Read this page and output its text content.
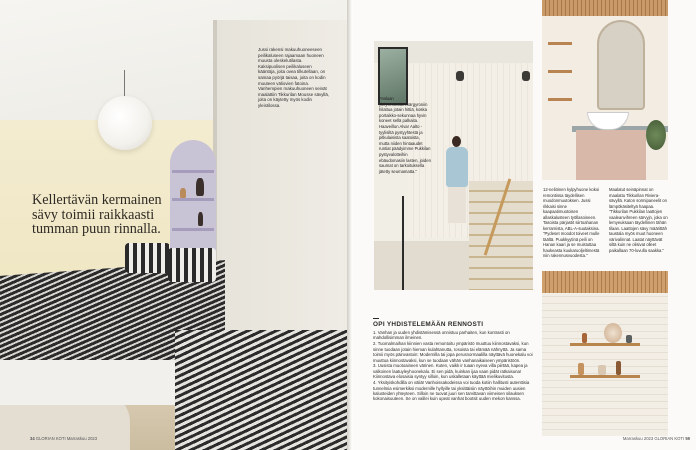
Kellertävän kermainen sävy toimii raikkaasti tumman puun rinnalla.
Jussi rakensi makuuhuoneeseen peilikaluseen rajaamaan huoneen muusta oleskelutilasta. Kaksipuolisen peilikaluseen kääntöja, joita ovea tilkutellaan, on samaa pyörjä taisaa, joita on kodin muuteen väliovien fatoina. Vanhempien makuuhuoneen seinät maalattiin Tikkurilan Mousse sävyllä, joita on käytetty myös kodin yleistilossa.
34 GLORIAN KOTI Marraskuu 2023
"Haluan yleiysenästämmärgyroniin hilattua jotain hittiä, koska portaikko-sekunnaa hyvin koneet sellä palkaita. Haaveillun Alvar Aalto -tyylisiltä pystyyhtestä ja pitkulaisista saatoista, mutta niiden hintaaudet runtiat päädyimme Pukkilan pystyvalotteihin ebäudomasiin lasten, joiden saumat on tarkoituksella jätetty seumamatta."
12-neliöinen kylpyhuone kokoi remontissa täydellisen muodonmuutoksen. Jussi rikkaisi sinne kaapaatimuotoisen allaskalusteen työllasoineen. Tasoista pärjastit siirtoahanan kerrarnista, ABL-A-suutaksina. "Pydeset moodot toiveet mulle täältä. Puukkyytinä peili on Hanan kaari ja se muistuttaa haukeasta kuukaruoljeltimestä niin rakennusvuodesta."
Maalatut seinäpinnat on maalattu Tikkurilan Riviera-sävyllä. Katon sormipaneelit on lämpökäsiteltyä haapaa. "Tikkurilan Pukkilan laattojen vaaleanvihreen särvyjn, joka on lemyeuksaan täydellinen tähän tilaan. Laattojen sävy määrittäh taustala myös muut huoneen värivalinnat. Laatat näyttävät siltä kuin ne olisivat olleet paikallaan 70-luvulla saakka."
OPI YHDISTELEMÄÄN RENNOSTI

1. Vanhan ja uuden yhdistämisessä onnistuu parhaiten, kun kontrasti on mahdollisimman ilmeinen.

2. Tuomalmaihan kiinnien vasta remontoitu ympäristö muuttuu kiinnostavaksi, kun sinne tuodaan jotain hieman kulahtanutta, rosoista tai elämää nähnyttä. Ja sama toimii myös päinvastoin: Modernilla tai jopa perusnormaalilla näyttävä huonekalu voi muuttua kiinnostavaksi, kun se tuodaan vähän vanhanaikaiseen ympäristöön.

3. Uusista muotoaineen värinen. Kuten, vaikk ir tuaan nyeva villa piirtää, kapea ja valkoinen laatuyleyhoonekalu. Ei sen pidä, kuinkan ijaa vaan pidät ratkaisuna! Kiinnostava elosaisia syntyy silloin, kun uskalletaan käyttää mielikuvitusta.

4. Yksityiskohdilla on väliä! Vanhoissakodeissa voi tuoda kotiin hallitusti autenttisia tunnelmia esimerkiksi modernille hyllyille tai yksittäisiin näyttöihin muiden uusien kalusteiden yhteyteen. Silloin ne tuovat juuri sen tarvittavan viimeisen silauksen kokonaisuuteen. Se on valilei kuin upeat vanhat bootsit uuden mekon kanssa.

Marraskuu 2023 GLORIAN KOTI 59
